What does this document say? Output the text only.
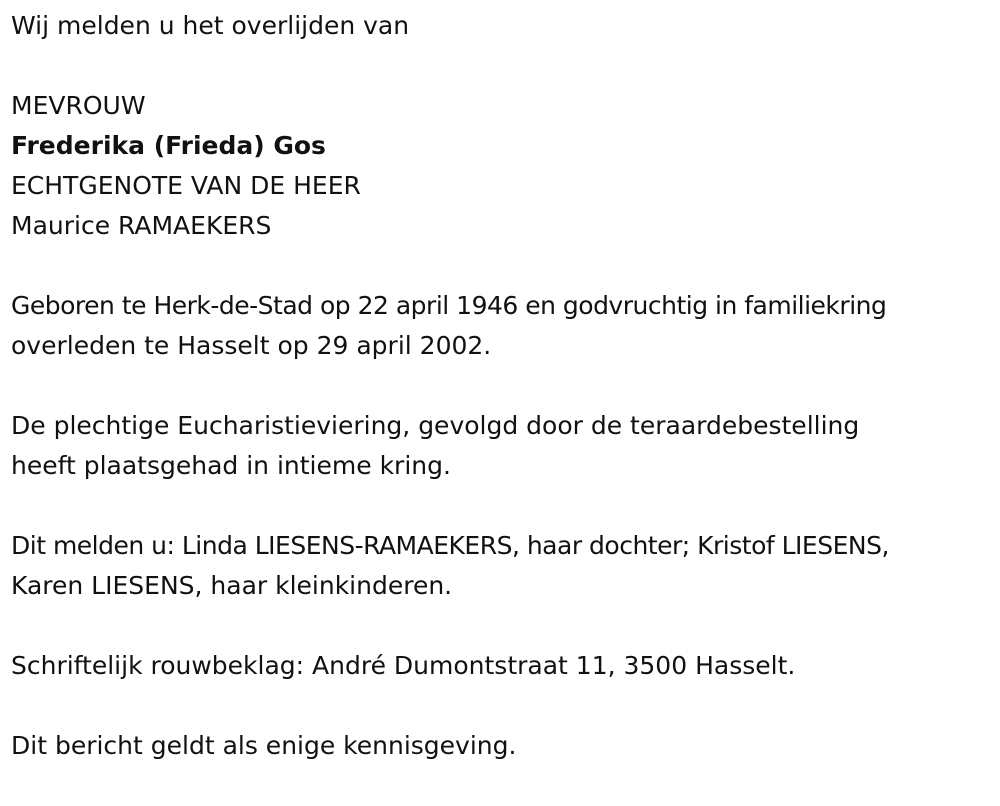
Wij melden u het overlijden van
MEVROUW
Frederika (Frieda) Gos
ECHTGENOTE VAN DE HEER
Maurice RAMAEKERS
Geboren te Herk-de-Stad op 22 april 1946 en godvruchtig in familiekring
overleden te Hasselt op 29 april 2002.
De plechtige Eucharistieviering, gevolgd door de teraardebestelling
heeft plaatsgehad in intieme kring.
Dit melden u: Linda LIESENS-RAMAEKERS, haar dochter; Kristof LIESENS,
Karen LIESENS, haar kleinkinderen.
Schriftelijk rouwbeklag: André Dumontstraat 11, 3500 Hasselt.
Dit bericht geldt als enige kennisgeving.
